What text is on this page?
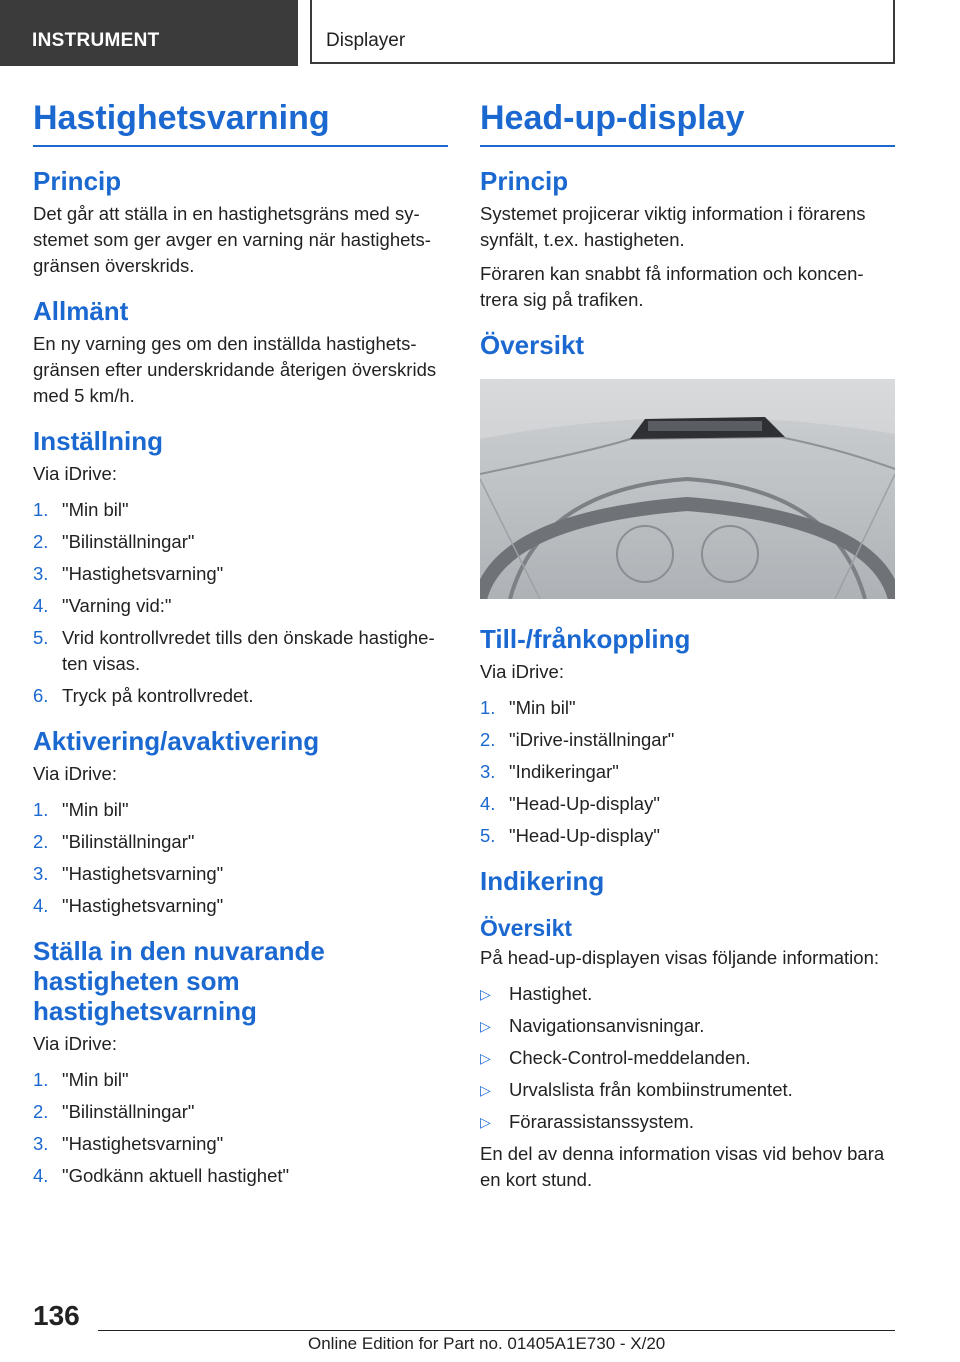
INSTRUMENT	Displayer
Hastighetsvarning
Princip

Det går att ställa in en hastighetsgräns med sy-stemet som ger avger en varning när hastighets-gränsen överskrids.

Allmänt

En ny varning ges om den inställda hastighets-gränsen efter underskridande återigen överskrids med 5 km/h.

Inställning

Via iDrive:

1. "Min bil"
2. "Bilinställningar"
3. "Hastighetsvarning"
4. "Varning vid:"
5. Vrid kontrollvredet tills den önskade hastighe-ten visas.
6. Tryck på kontrollvredet.
Aktivering/avaktivering

Via iDrive:

1. "Min bil"
2. "Bilinställningar"
3. "Hastighetsvarning"
4. "Hastighetsvarning"
Ställa in den nuvarande hastigheten som hastighetsvarning

Via iDrive:

1. "Min bil"
2. "Bilinställningar"
3. "Hastighetsvarning"
4. "Godkänn aktuell hastighet"
Head-up-display
Princip

Systemet projicerar viktig information i förarens synfält, t.ex. hastigheten.

Föraren kan snabbt få information och koncen-trera sig på trafiken.

Översikt
Till-/frånkoppling

Via iDrive:

1. "Min bil"
2. "iDrive-inställningar"
3. "Indikeringar"
4. "Head-Up-display"
5. "Head-Up-display"
Indikering
Översikt

På head-up-displayen visas följande information:

▷ Hastighet.
▷ Navigationsanvisningar.
▷ Check-Control-meddelanden.
▷ Urvalslista från kombiinstrumentet.
▷ Förarassistanssystem.

En del av denna information visas vid behov bara en kort stund.

136
Online Edition for Part no. 01405A1E730 - X/20
